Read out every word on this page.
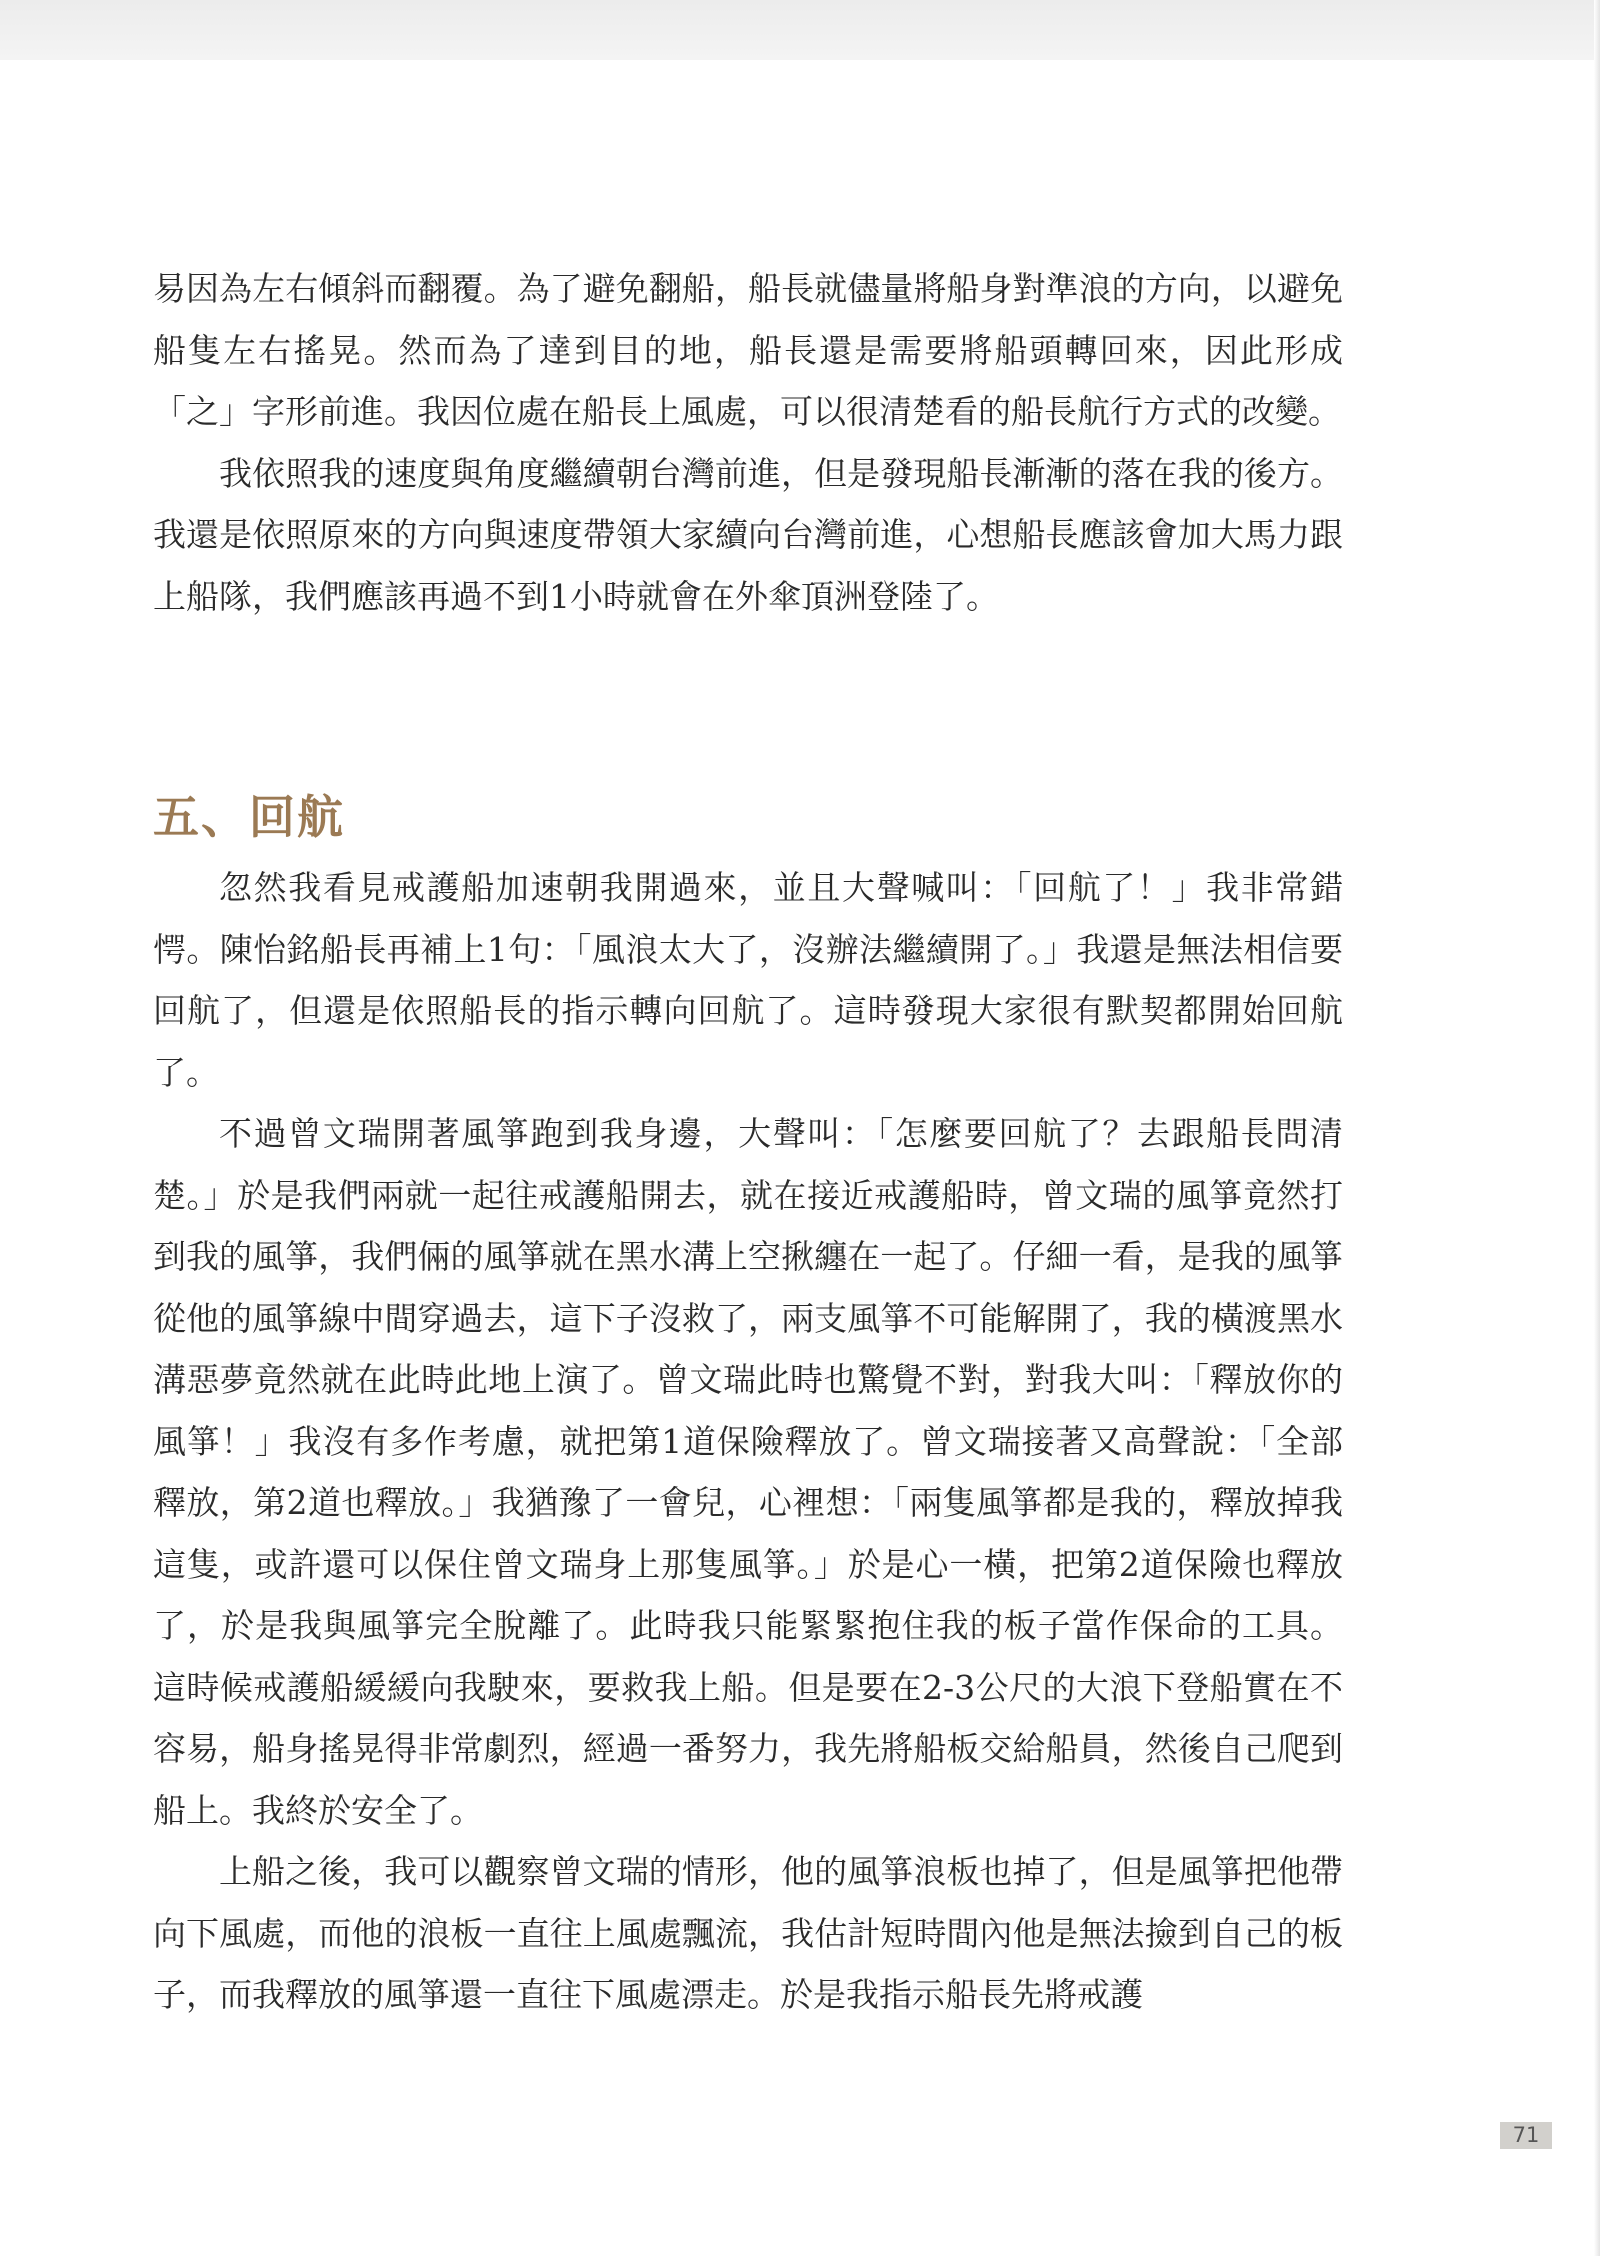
易因為左右傾斜而翻覆。為了避免翻船，船長就儘量將船身對準浪的方向，以避免船隻左右搖晃。然而為了達到目的地，船長還是需要將船頭轉回來，因此形成「之」字形前進。我因位處在船長上風處，可以很清楚看的船長航行方式的改變。

我依照我的速度與角度繼續朝台灣前進，但是發現船長漸漸的落在我的後方。我還是依照原來的方向與速度帶領大家續向台灣前進，心想船長應該會加大馬力跟上船隊，我們應該再過不到1小時就會在外傘頂洲登陸了。

五、回航

忽然我看見戒護船加速朝我開過來，並且大聲喊叫：「回航了！」我非常錯愕。陳怡銘船長再補上1句：「風浪太大了，沒辦法繼續開了。」我還是無法相信要回航了，但還是依照船長的指示轉向回航了。這時發現大家很有默契都開始回航了。

不過曾文瑞開著風箏跑到我身邊，大聲叫：「怎麼要回航了？去跟船長問清楚。」於是我們兩就一起往戒護船開去，就在接近戒護船時，曾文瑞的風箏竟然打到我的風箏，我們倆的風箏就在黑水溝上空揪纏在一起了。仔細一看，是我的風箏從他的風箏線中間穿過去，這下子沒救了，兩支風箏不可能解開了，我的橫渡黑水溝惡夢竟然就在此時此地上演了。曾文瑞此時也驚覺不對，對我大叫：「釋放你的風箏！」我沒有多作考慮，就把第1道保險釋放了。曾文瑞接著又高聲說：「全部釋放，第2道也釋放。」我猶豫了一會兒，心裡想：「兩隻風箏都是我的，釋放掉我這隻，或許還可以保住曾文瑞身上那隻風箏。」於是心一橫，把第2道保險也釋放了，於是我與風箏完全脫離了。此時我只能緊緊抱住我的板子當作保命的工具。 這時候戒護船緩緩向我駛來，要救我上船。但是要在2-3公尺的大浪下登船實在不容易，船身搖晃得非常劇烈，經過一番努力，我先將船板交給船員，然後自己爬到船上。我終於安全了。

上船之後，我可以觀察曾文瑞的情形，他的風箏浪板也掉了，但是風箏把他帶向下風處，而他的浪板一直往上風處飄流，我估計短時間內他是無法撿到自己的板子，而我釋放的風箏還一直往下風處漂走。於是我指示船長先將戒護

71
